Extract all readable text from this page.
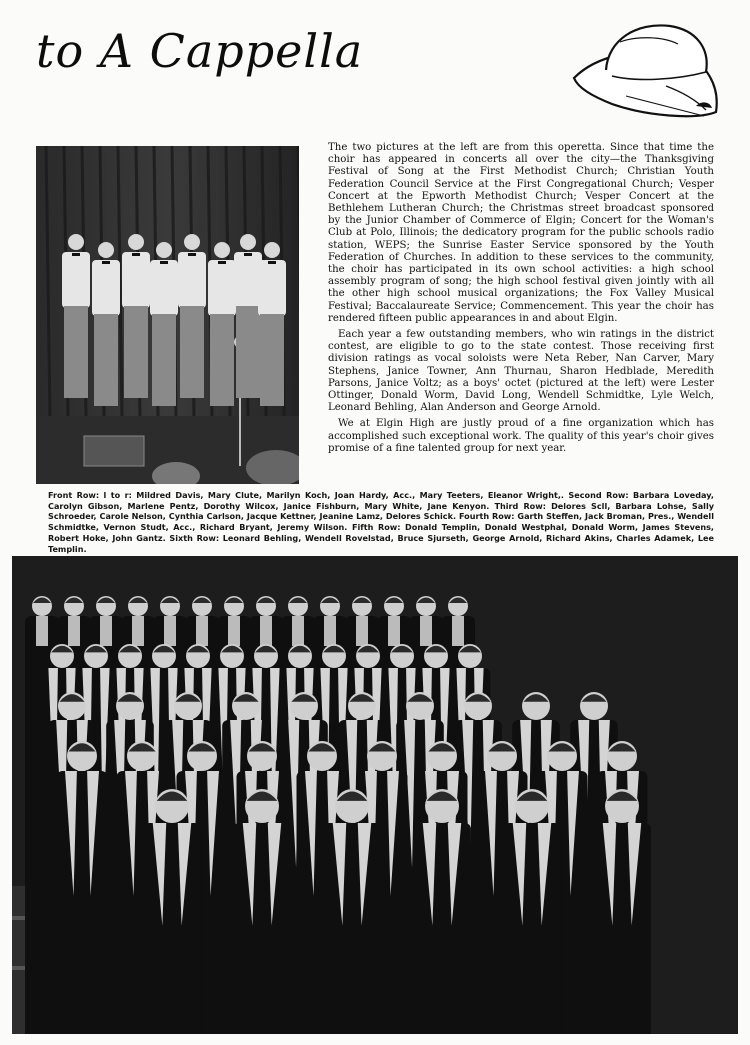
to A Cappella

The two pictures at the left are from this operetta. Since that time the choir has appeared in concerts all over the city—the Thanksgiving Festival of Song at the First Methodist Church; Christian Youth Federation Council Service at the First Congregational Church; Vesper Concert at the Epworth Methodist Church; Vesper Concert at the Bethlehem Lutheran Church; the Christmas street broadcast sponsored by the Junior Chamber of Commerce of Elgin; Concert for the Woman's Club at Polo, Illinois; the dedicatory program for the public schools radio station, WEPS; the Sunrise Easter Service sponsored by the Youth Federation of Churches. In addition to these services to the community, the choir has participated in its own school activities: a high school assembly program of song; the high school festival given jointly with all the other high school musical organizations; the Fox Valley Musical Festival; Baccalaureate Service; Commencement. This year the choir has rendered fifteen public appearances in and about Elgin.

Each year a few outstanding members, who win ratings in the district contest, are eligible to go to the state contest. Those receiving first division ratings as vocal soloists were Neta Reber, Nan Carver, Mary Stephens, Janice Towner, Ann Thurnau, Sharon Hedblade, Meredith Parsons, Janice Voltz; as a boys' octet (pictured at the left) were Lester Ottinger, Donald Worm, David Long, Wendell Schmidtke, Lyle Welch, Leonard Behling, Alan Anderson and George Arnold.

We at Elgin High are justly proud of a fine organization which has accomplished such exceptional work. The quality of this year's choir gives promise of a fine talented group for next year.

Front Row: l to r: Mildred Davis, Mary Clute, Marilyn Koch, Joan Hardy, Acc., Mary Teeters, Eleanor Wright,. Second Row: Barbara Loveday, Carolyn Gibson, Marlene Pentz, Dorothy Wilcox, Janice Fishburn, Mary White, Jane Kenyon. Third Row: Delores Scll, Barbara Lohse, Sally Schroeder, Carole Nelson, Cynthia Carlson, Jacque Kettner, Jeanine Lamz, Delores Schick. Fourth Row: Garth Steffen, Jack Broman, Pres., Wendell Schmidtke, Vernon Studt, Acc., Richard Bryant, Jeremy Wilson. Fifth Row: Donald Templin, Donald Westphal, Donald Worm, James Stevens, Robert Hoke, John Gantz. Sixth Row: Leonard Behling, Wendell Rovelstad, Bruce Sjurseth, George Arnold, Richard Akins, Charles Adamek, Lee Templin.
